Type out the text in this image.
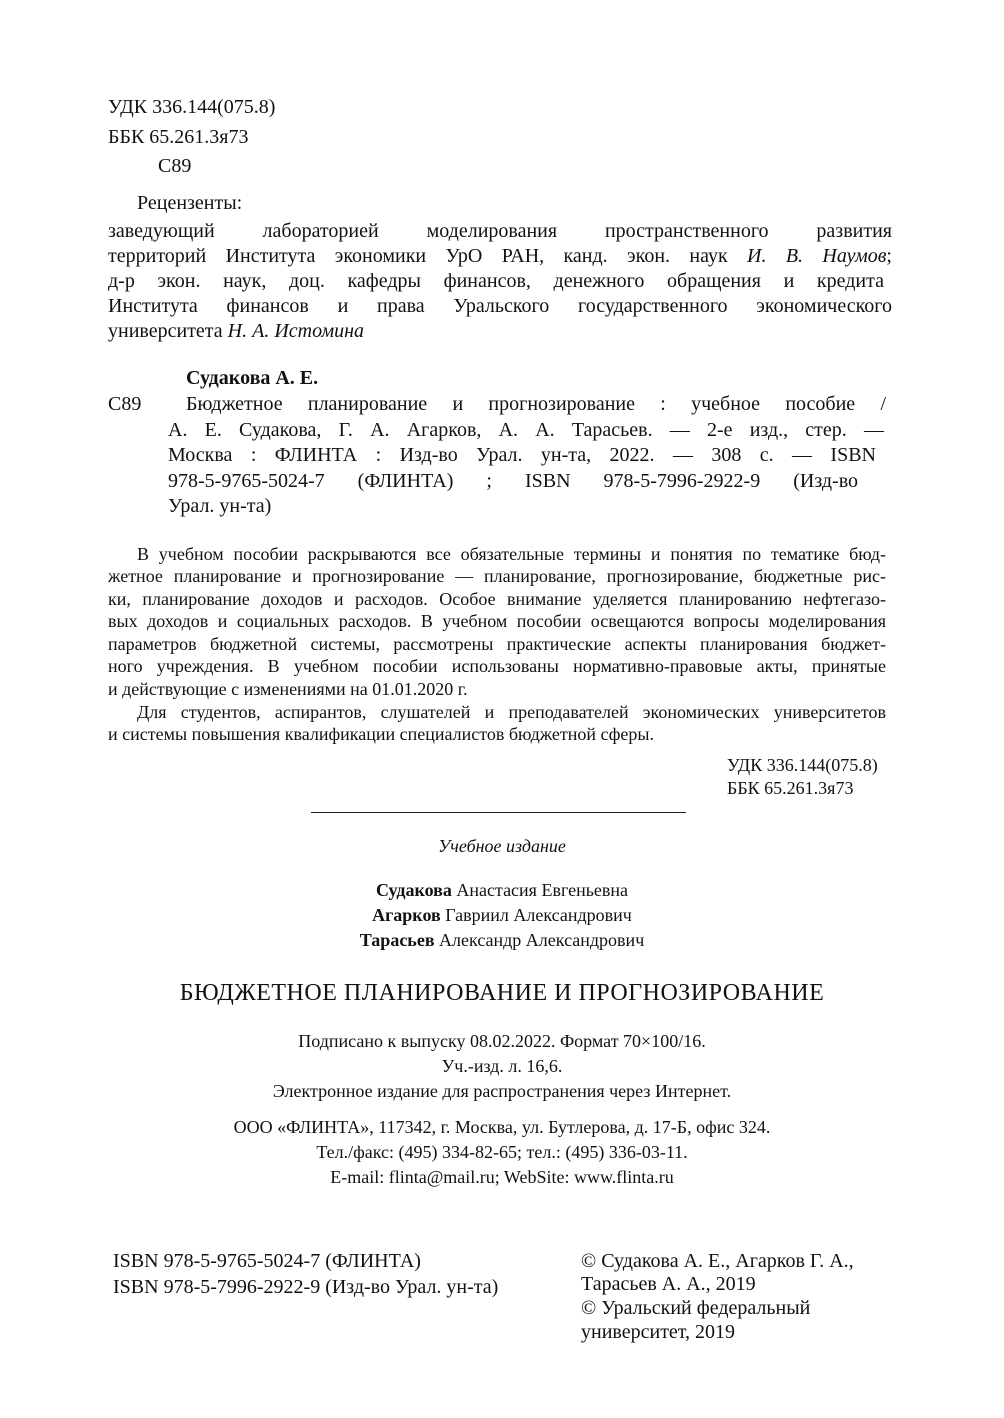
УДК 336.144(075.8)
ББК 65.261.3я73
С89
Рецензенты:
заведующий лабораторией моделирования пространственного развития
территорий Института экономики УрО РАН, канд. экон. наук И. В. Наумов;
д-р экон. наук, доц. кафедры финансов, денежного обращения и кредита
Института финансов и права Уральского государственного экономического
университета Н. А. Истомина
Судакова А. Е.
С89 Бюджетное планирование и прогнозирование : учебное пособие /
А. Е. Судакова, Г. А. Агарков, А. А. Тарасьев. — 2-е изд., стер. —
Москва : ФЛИНТА : Изд-во Урал. ун-та, 2022. — 308 с. — ISBN
978-5-9765-5024-7 (ФЛИНТА) ; ISBN 978-5-7996-2922-9 (Изд-во
Урал. ун-та)
В учебном пособии раскрываются все обязательные термины и понятия по тематике бюд-
жетное планирование и прогнозирование — планирование, прогнозирование, бюджетные рис-
ки, планирование доходов и расходов. Особое внимание уделяется планированию нефтегазо-
вых доходов и социальных расходов. В учебном пособии освещаются вопросы моделирования
параметров бюджетной системы, рассмотрены практические аспекты планирования бюджет-
ного учреждения. В учебном пособии использованы нормативно-правовые акты, принятые
и действующие с изменениями на 01.01.2020 г.
Для студентов, аспирантов, слушателей и преподавателей экономических университетов
и системы повышения квалификации специалистов бюджетной сферы.
УДК 336.144(075.8)
ББК 65.261.3я73
Учебное издание
Судакова Анастасия Евгеньевна
Агарков Гавриил Александрович
Тарасьев Александр Александрович
БЮДЖЕТНОЕ ПЛАНИРОВАНИЕ И ПРОГНОЗИРОВАНИЕ
Подписано к выпуску 08.02.2022. Формат 70×100/16.
Уч.-изд. л. 16,6.
Электронное издание для распространения через Интернет.
ООО «ФЛИНТА», 117342, г. Москва, ул. Бутлерова, д. 17-Б, офис 324.
Тел./факс: (495) 334-82-65; тел.: (495) 336-03-11.
E-mail: flinta@mail.ru; WebSite: www.flinta.ru
ISBN 978-5-9765-5024-7 (ФЛИНТА)
ISBN 978-5-7996-2922-9 (Изд-во Урал. ун-та)
© Судакова А. Е., Агарков Г. А.,
Тарасьев А. А., 2019
© Уральский федеральный
университет, 2019
